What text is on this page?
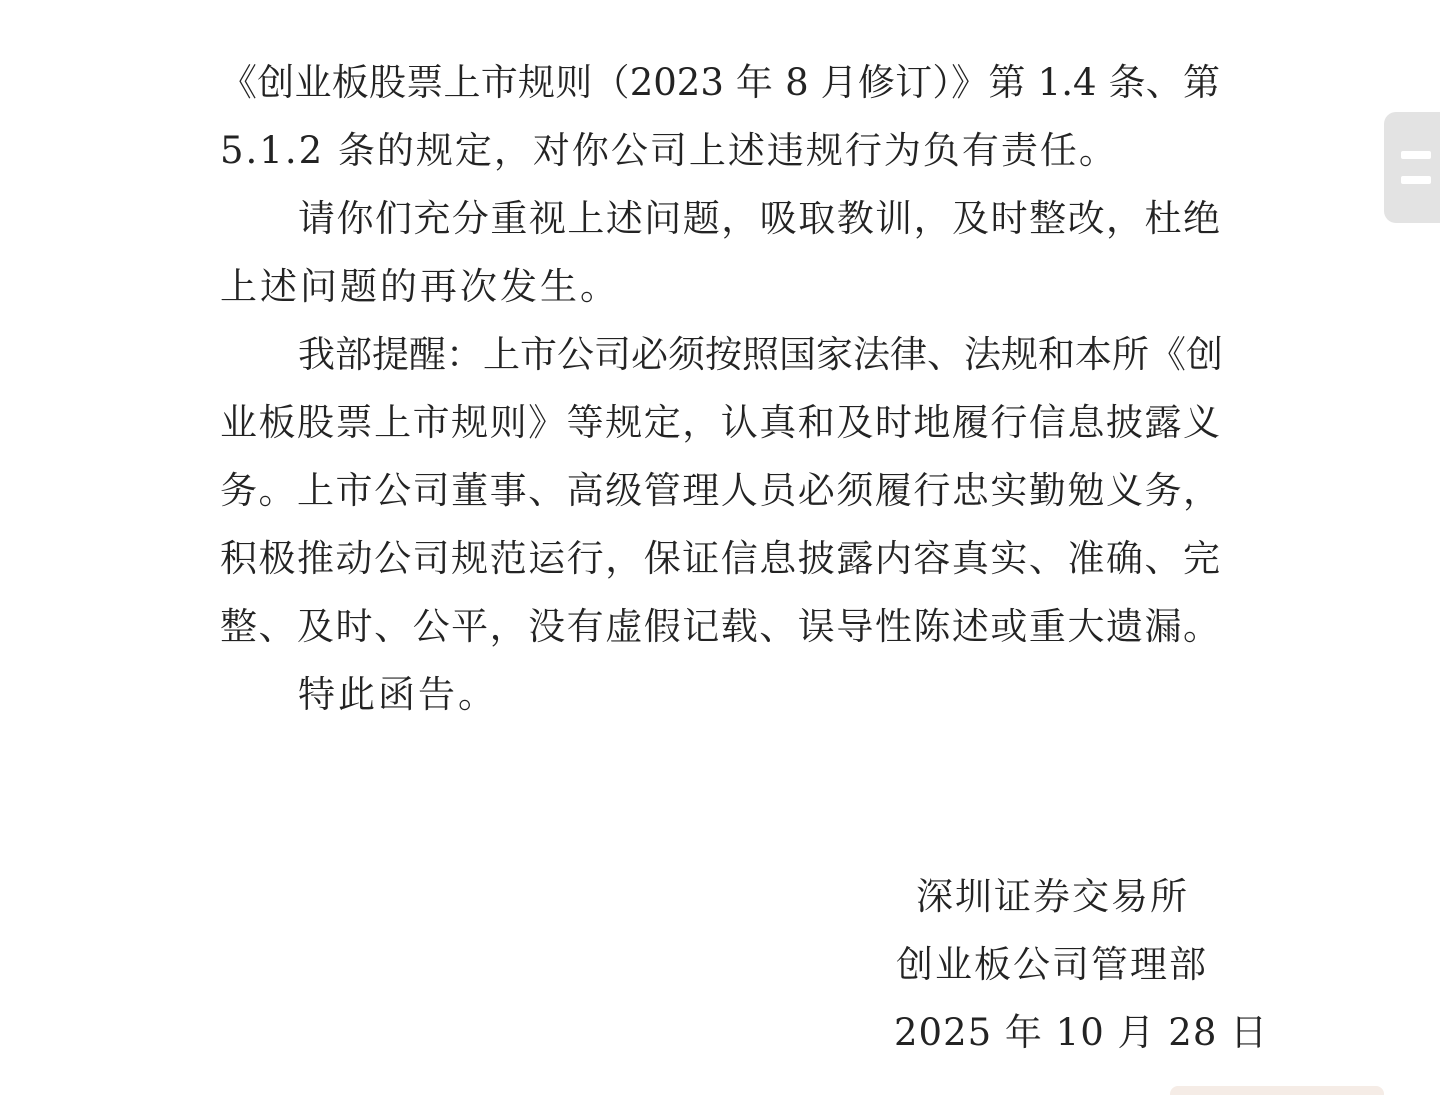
《创业板股票上市规则（2023 年 8 月修订）》第 1.4 条、第
5.1.2 条的规定，对你公司上述违规行为负有责任。
请你们充分重视上述问题，吸取教训，及时整改，杜绝
上述问题的再次发生。
我部提醒：上市公司必须按照国家法律、法规和本所《创
业板股票上市规则》等规定，认真和及时地履行信息披露义
务。上市公司董事、高级管理人员必须履行忠实勤勉义务，
积极推动公司规范运行，保证信息披露内容真实、准确、完
整、及时、公平，没有虚假记载、误导性陈述或重大遗漏。
特此函告。
深圳证券交易所
创业板公司管理部
2025 年 10 月 28 日
